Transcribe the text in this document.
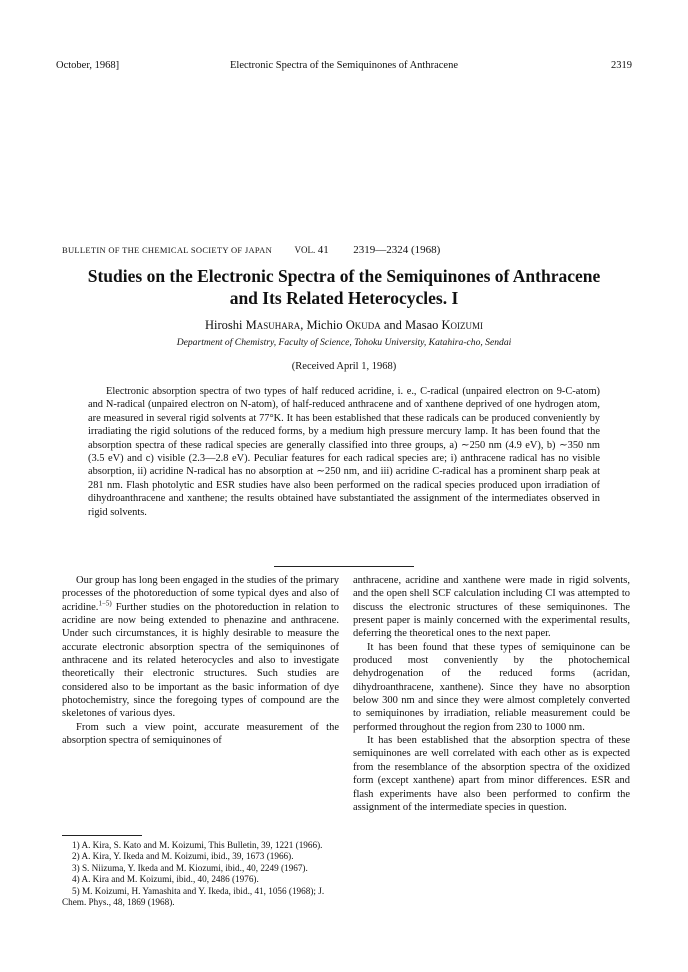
October, 1968]	Electronic Spectra of the Semiquinones of Anthracene	2319
BULLETIN OF THE CHEMICAL SOCIETY OF JAPAN	VOL. 41 2319—2324 (1968)
Studies on the Electronic Spectra of the Semiquinones of Anthracene
and Its Related Heterocycles. I
Hiroshi Masuhara, Michio Okuda and Masao Koizumi
Department of Chemistry, Faculty of Science, Tohoku University, Katahira-cho, Sendai
(Received April 1, 1968)
Electronic absorption spectra of two types of half reduced acridine, i. e., C-radical (unpaired electron on 9-C-atom) and N-radical (unpaired electron on N-atom), of half-reduced anthracene and of xanthene deprived of one hydrogen atom, are measured in several rigid solvents at 77°K. It has been established that these radicals can be produced conveniently by irradiating the rigid solutions of the reduced forms, by a medium high pressure mercury lamp. It has been found that the absorption spectra of these radical species are generally classified into three groups, a) ∼250 nm (4.9 eV), b) ∼350 nm (3.5 eV) and c) visible (2.3—2.8 eV). Peculiar features for each radical species are; i) anthracene radical has no visible absorption, ii) acridine N-radical has no absorption at ∼250 nm, and iii) acridine C-radical has a prominent sharp peak at 281 nm. Flash photolytic and ESR studies have also been performed on the radical species produced upon irradiation of dihydroanthracene and xanthene; the results obtained have substantiated the assignment of the intermediates observed in rigid solvents.

Our group has long been engaged in the studies of the primary processes of the photoreduction of some typical dyes and also of acridine.$^{1-5)}$ Further studies on the photoreduction in relation to acridine are now being extended to phenazine and anthracene. Under such circumstances, it is highly desirable to measure the accurate electronic absorption spectra of the semiquinones of anthracene and its related heterocycles and also to investigate theoretically their electronic structures. Such studies are considered also to be important as the basic information of dye photochemistry, since the foregoing types of compound are the skeletones of various dyes.

From such a view point, accurate measurement of the absorption spectra of semiquinones of

anthracene, acridine and xanthene were made in rigid solvents, and the open shell SCF calculation including CI was attempted to discuss the electronic structures of these semiquinones. The present paper is mainly concerned with the experimental results, deferring the theoretical ones to the next paper.

It has been found that these types of semiquinone can be produced most conveniently by the photochemical dehydrogenation of the reduced forms (acridan, dihydroanthracene, xanthene). Since they have no absorption below 300 nm and since they were almost completely converted to semiquinones by irradiation, reliable measurement could be performed throughout the region from 230 to 1000 nm.

It has been established that the absorption spectra of these semiquinones are well correlated with each other as is expected from the resemblance of the absorption spectra of the oxidized form (except xanthene) apart from minor differences. ESR and flash experiments have also been performed to confirm the assignment of the intermediate species in question.

1) A. Kira, S. Kato and M. Koizumi, This Bulletin, 39, 1221 (1966).

2) A. Kira, Y. Ikeda and M. Koizumi, ibid., 39, 1673 (1966).

3) S. Niizuma, Y. Ikeda and M. Kiozumi, ibid., 40, 2249 (1967).

4) A. Kira and M. Koizumi, ibid., 40, 2486 (1976).

5) M. Koizumi, H. Yamashita and Y. Ikeda, ibid., 41, 1056 (1968); J. Chem. Phys., 48, 1869 (1968).
